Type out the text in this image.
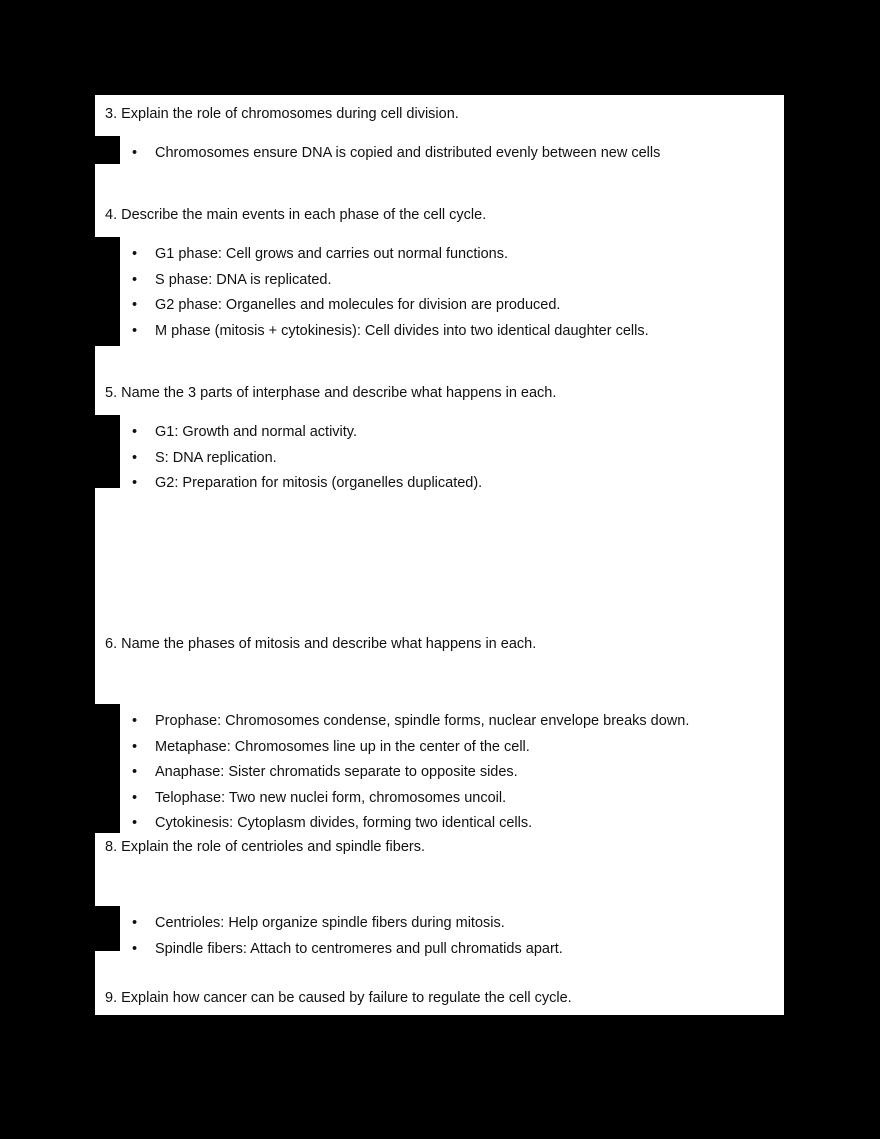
3. Explain the role of chromosomes during cell division.
• Chromosomes ensure DNA is copied and distributed evenly between new cells
4. Describe the main events in each phase of the cell cycle.
• G1 phase: Cell grows and carries out normal functions.
• S phase: DNA is replicated.
• G2 phase: Organelles and molecules for division are produced.
• M phase (mitosis + cytokinesis): Cell divides into two identical daughter cells.
5. Name the 3 parts of interphase and describe what happens in each.
• G1: Growth and normal activity.
• S: DNA replication.
• G2: Preparation for mitosis (organelles duplicated).
6. Name the phases of mitosis and describe what happens in each.
• Prophase: Chromosomes condense, spindle forms, nuclear envelope breaks down.
• Metaphase: Chromosomes line up in the center of the cell.
• Anaphase: Sister chromatids separate to opposite sides.
• Telophase: Two new nuclei form, chromosomes uncoil.
• Cytokinesis: Cytoplasm divides, forming two identical cells.
8. Explain the role of centrioles and spindle fibers.
• Centrioles: Help organize spindle fibers during mitosis.
• Spindle fibers: Attach to centromeres and pull chromatids apart.
9. Explain how cancer can be caused by failure to regulate the cell cycle.
